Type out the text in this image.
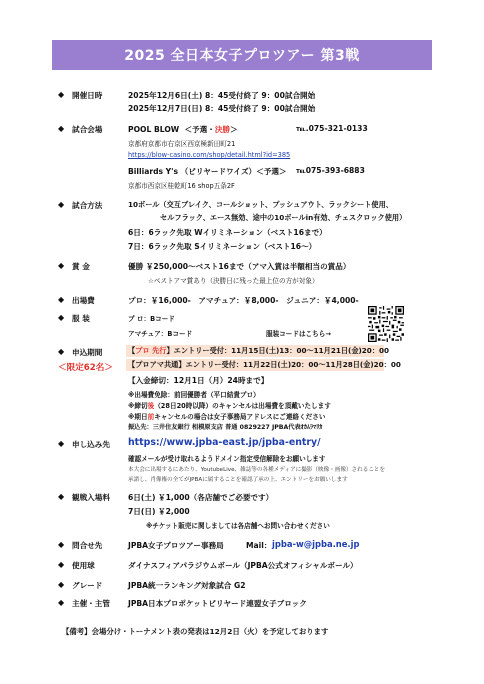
2025 全日本女子プロツアー 第3戦
◆ 開催日時	2025年12月6日(土) 8：45受付終了 9：00試合開始
2025年12月7日(日) 8：45受付終了 9：00試合開始
◆ 試合会場	POOL BLOW ＜予選・決勝＞	℡.075-321-0133
京都府京都市右京区西京極新田町21
https://blow-casino.com/shop/detail.html?id=385
Billiards Y's （ビリヤードワイズ）＜予選＞ ℡075-393-6883
京都市西京区桂乾町16 shop五条2F
◆ 試合方法	10ボール（交互ブレイク、コールショット、プッシュアウト、ラックシート使用、
セルフラック、エース無効、途中の10ボールin有効、チェスクロック使用）
6日：6ラック先取 Wイリミネーション（ベスト16まで）
7日：6ラック先取 Sイリミネーション（ベスト16～）
◆ 賞 金	優勝 ￥250,000～ベスト16まで（アマ入賞は半額相当の賞品）
☆ベストアマ賞あり（決勝日に残った最上位の方が対象）
◆ 出場費	プロ：￥16,000-　アマチュア：￥8,000-　ジュニア：￥4,000-
◆ 服 装	プ ロ：Bコード
アマチュア：Bコード	服装コードはこちら→
◆ 申込期間
＜限定62名＞
【 プロ 先行 】エントリー受付：11月15日(土)13：00～11月21日(金)20：00
【プロアマ共通】エントリー受付：11月22日(土)20：00～11月28日(金)20：00
【入金締切：12月1日（月）24時まで】
※出場費免除：前回優勝者（平口結貴プロ）
※締切後（28日20時以降）のキャンセルは出場費を頂戴いたします
※期日前キャンセルの場合は女子事務局アドレスにご連絡ください
振込先：三井住友銀行 相模原支店 普通 0829227 JPBA代表ｵｶﾑﾗﾏﾘｶ
◆ 申し込み先 https://www.jpba-east.jp/jpba-entry/
確認メールが受け取れるようドメイン指定受信解除をお願いします
本大会に出場するにあたり、YoutubeLive、雑誌等の各種メディアに撮影（映像・画像）されることを
承諾し、肖像権の全てがJPBAに属することを確認了承の上、エントリーをお願いします
◆ 観戦入場料 6日(土) ￥1,000（各店舗でご必要です）
7日(日) ￥2,000
※チケット販売に関しましては各店舗へお問い合わせください
◆ 問合せ先	JPBA女子プロツアー事務局	Mail： jpba-w@jpba.ne.jp
◆ 使用球	ダイナスフィアパラジウムボール（JPBA公式オフィシャルボール）
◆ グレード	JPBA統一ランキング対象試合 G2
◆ 主催・主管 JPBA日本プロポケットビリヤード連盟女子ブロック
【備考】会場分け・トーナメント表の発表は12月2日（火）を予定しております
